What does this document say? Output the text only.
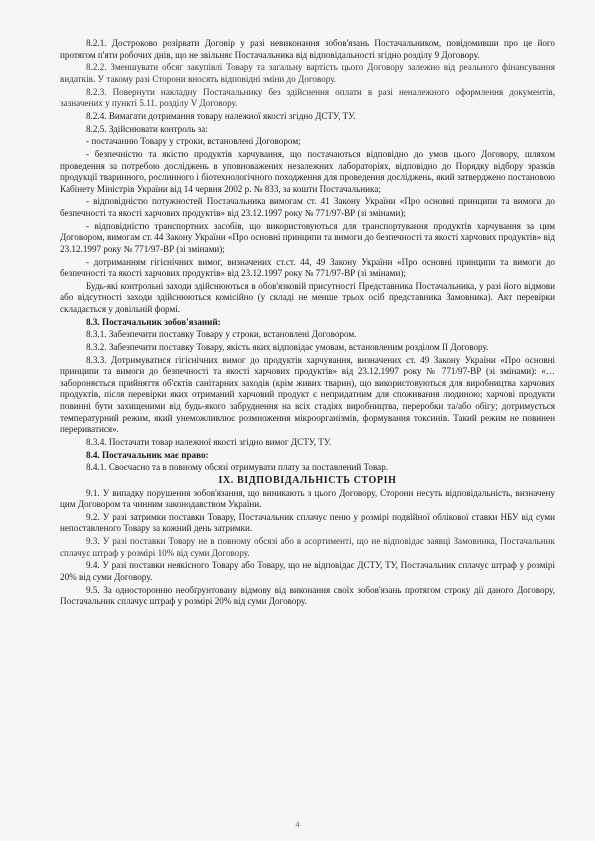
8.2.1. Достроково розірвати Договір у разі невиконання зобов'язань Постачальником, повідомивши про це його протягом п'яти робочих днів, що не звільняє Постачальника від відповідальності згідно розділу 9 Договору.

8.2.2. Зменшувати обсяг закупівлі Товару та загальну вартість цього Договору залежно від реального фінансування видатків. У такому разі Сторони вносять відповідні зміни до Договору.

8.2.3. Повернути накладну Постачальнику без здійснення оплати в разі неналежного оформлення документів, зазначених у пункті 5.11. розділу V Договору.

8.2.4. Вимагати дотримання товару належної якості згідно ДСТУ, ТУ.

8.2.5. Здійснювати контроль за:

- постачанню Товару у строки, встановлені Договором;

- безпечністю та якістю продуктів харчування, що постачаються відповідно до умов цього Договору, шляхом проведення за потребою досліджень в уповноважених незалежних лабораторіях, відповідно до Порядку відбору зразків продукції тваринного, рослинного і біотехнологічного походження для проведення досліджень, який затверджено постановою Кабінету Міністрів України від 14 червня 2002 р. № 833, за кошти Постачальника;

- відповідністю потужностей Постачальника вимогам ст. 41 Закону України «Про основні принципи та вимоги до безпечності та якості харчових продуктів» від 23.12.1997 року № 771/97-ВР (зі змінами);

- відповідністю транспортних засобів, що використовуються для транспортування продуктів харчування за цим Договором, вимогам ст. 44 Закону України «Про основні принципи та вимоги до безпечності та якості харчових продуктів» від 23.12.1997 року № 771/97-ВР (зі змінами);

- дотриманням гігієнічних вимог, визначених ст.ст. 44, 49 Закону України «Про основні принципи та вимоги до безпечності та якості харчових продуктів» від 23.12.1997 року № 771/97-ВР (зі змінами);

Будь-які контрольні заходи здійснюються в обов'язковій присутності Представника Постачальника, у разі його відмови або відсутності заходи здійснюються комісійно (у складі не менше трьох осіб представника Замовника). Акт перевірки складається у довільній формі.

8.3. Постачальник зобов'язаний:

8.3.1. Забезпечити поставку Товару у строки, встановлені Договором.

8.3.2. Забезпечити поставку Товару, якість яких відповідає умовам, встановленим розділом ІІ Договору.

8.3.3. Дотримуватися гігієнічних вимог до продуктів харчування, визначених ст. 49 Закону України «Про основні принципи та вимоги до безпечності та якості харчових продуктів» від 23.12.1997 року № 771/97-ВР (зі змінами): «…забороняється прийняття об'єктів санітарних заходів (крім живих тварин), що використовуються для виробництва харчових продуктів, після перевірки яких отриманий харчовий продукт є непридатним для споживання людиною; харчові продукти повинні бути захищеними від будь-якого забруднення на всіх стадіях виробництва, переробки та/або обігу; дотримується температурний режим, який унеможливлює розмноження мікроорганізмів, формування токсинів. Такий режим не повинен перериватися».

8.3.4. Постачати товар належної якості згідно вимог ДСТУ, ТУ.

8.4. Постачальник має право:

8.4.1. Своєчасно та в повному обсязі отримувати плату за поставлений Товар.

IX. ВІДПОВІДАЛЬНІСТЬ СТОРІН

9.1. У випадку порушення зобов'язання, що виникають з цього Договору, Сторони несуть відповідальність, визначену цим Договором та чинним законодавством України.

9.2. У разі затримки поставки Товару, Постачальник сплачує пеню у розмірі подвійної облікової ставки НБУ від суми непоставленого Товару за кожний день затримки.

9.3. У разі поставки Товару не в повному обсязі або в асортименті, що не відповідає заявці Замовника, Постачальник сплачує штраф у розмірі 10% від суми Договору.

9.4. У разі поставки неякісного Товару або Товару, що не відповідає ДСТУ, ТУ, Постачальник сплачує штраф у розмірі 20% від суми Договору.

9.5. За односторонню необґрунтовану відмову від виконання своїх зобов'язань протягом строку дії даного Договору, Постачальник сплачує штраф у розмірі 20% від суми Договору.

4
